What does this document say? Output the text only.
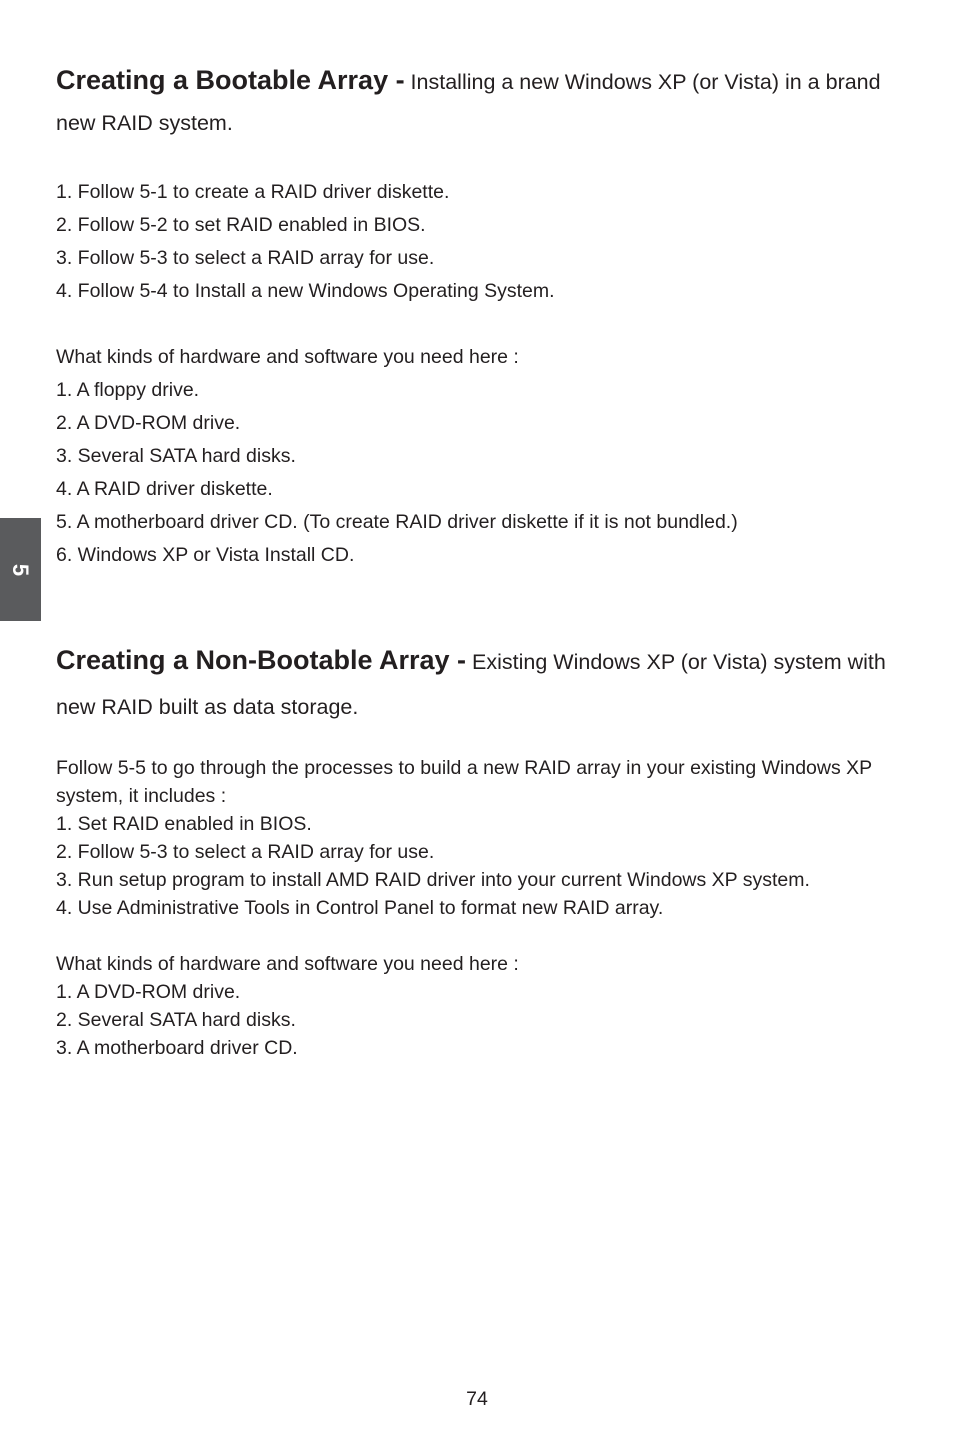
5
Creating a Bootable Array - Installing a new Windows XP (or Vista) in a brand new RAID system.
1. Follow 5-1 to create a RAID driver diskette.
2. Follow 5-2 to set RAID enabled in BIOS.
3. Follow 5-3 to select a RAID array for use.
4. Follow 5-4 to Install a new Windows Operating System.

What kinds of hardware and software you need here :

1. A floppy drive.
2. A DVD-ROM drive.
3. Several SATA hard disks.
4. A RAID driver diskette.
5. A motherboard driver CD. (To create RAID driver diskette if it is not bundled.)
6. Windows XP or Vista Install CD.
Creating a Non-Bootable Array - Existing Windows XP (or Vista) system with new RAID built as data storage.

Follow 5-5 to go through the processes to build a new RAID array in your existing Windows XP system, it includes :

1. Set RAID enabled in BIOS.
2. Follow 5-3 to select a RAID array for use.
3. Run setup program to install AMD RAID driver into your current Windows XP system.
4. Use Administrative Tools in Control Panel to format new RAID array.

What kinds of hardware and software you need here :

1. A DVD-ROM drive.
2. Several SATA hard disks.
3. A motherboard driver CD.
74
